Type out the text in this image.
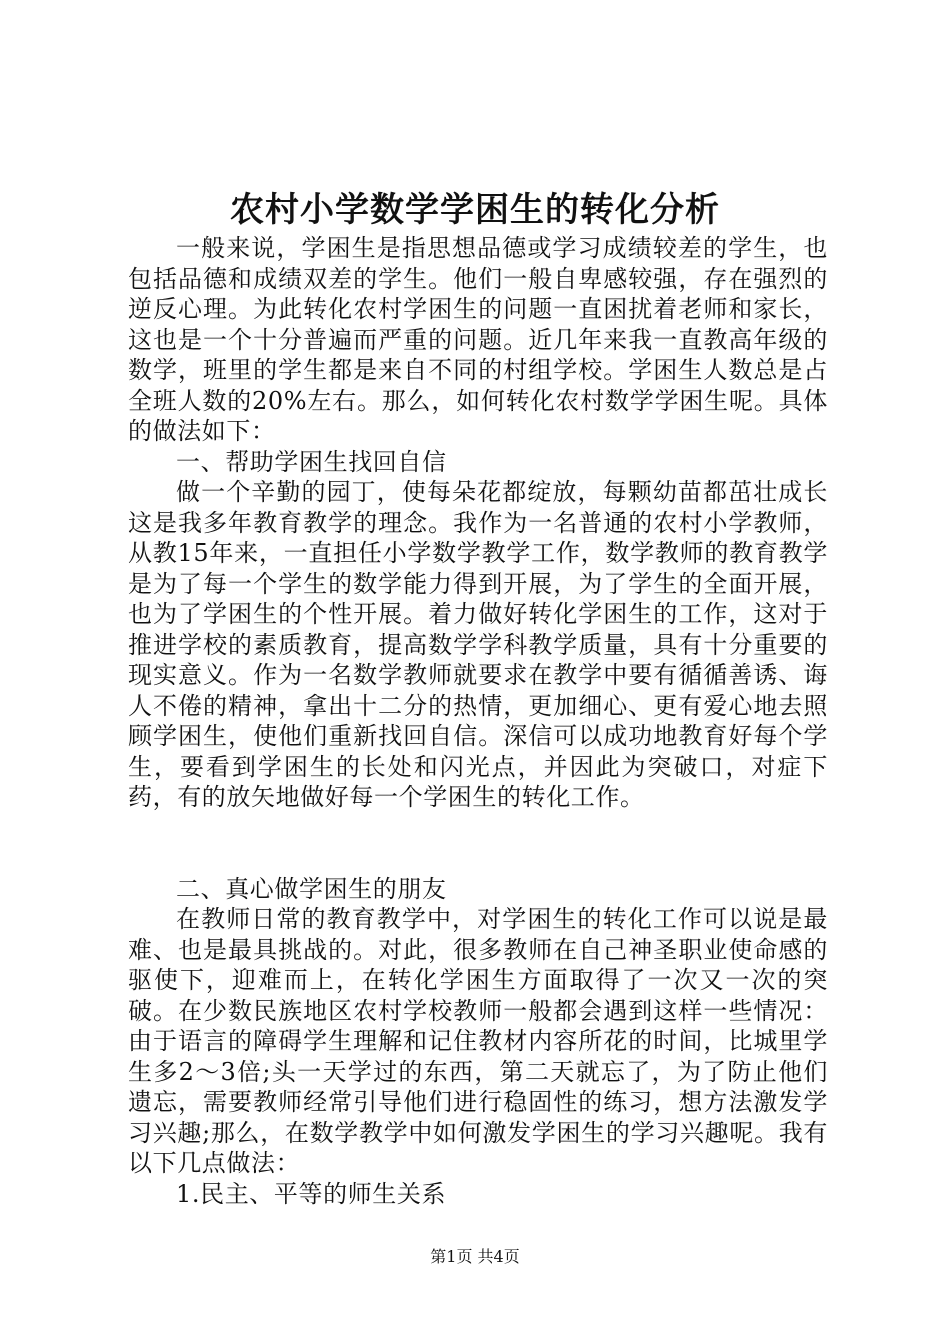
农村小学数学学困生的转化分析

一般来说，学困生是指思想品德或学习成绩较差的学生，也包括品德和成绩双差的学生。他们一般自卑感较强，存在强烈的逆反心理。为此转化农村学困生的问题一直困扰着老师和家长，这也是一个十分普遍而严重的问题。近几年来我一直教高年级的数学，班里的学生都是来自不同的村组学校。学困生人数总是占全班人数的20%左右。那么，如何转化农村数学学困生呢。具体的做法如下：

一、帮助学困生找回自信

做一个辛勤的园丁，使每朵花都绽放，每颗幼苗都茁壮成长这是我多年教育教学的理念。我作为一名普通的农村小学教师，从教15年来，一直担任小学数学教学工作，数学教师的教育教学是为了每一个学生的数学能力得到开展，为了学生的全面开展，也为了学困生的个性开展。着力做好转化学困生的工作，这对于推进学校的素质教育，提高数学学科教学质量，具有十分重要的现实意义。作为一名数学教师就要求在教学中要有循循善诱、诲人不倦的精神，拿出十二分的热情，更加细心、更有爱心地去照顾学困生，使他们重新找回自信。深信可以成功地教育好每个学生，要看到学困生的长处和闪光点，并因此为突破口，对症下药，有的放矢地做好每一个学困生的转化工作。

二、真心做学困生的朋友

在教师日常的教育教学中，对学困生的转化工作可以说是最难、也是最具挑战的。对此，很多教师在自己神圣职业使命感的驱使下，迎难而上，在转化学困生方面取得了一次又一次的突破。在少数民族地区农村学校教师一般都会遇到这样一些情况：由于语言的障碍学生理解和记住教材内容所花的时间，比城里学生多2～3倍;头一天学过的东西，第二天就忘了，为了防止他们遗忘，需要教师经常引导他们进行稳固性的练习，想方法激发学习兴趣;那么，在数学教学中如何激发学困生的学习兴趣呢。我有以下几点做法：

1.民主、平等的师生关系

第1页 共4页
